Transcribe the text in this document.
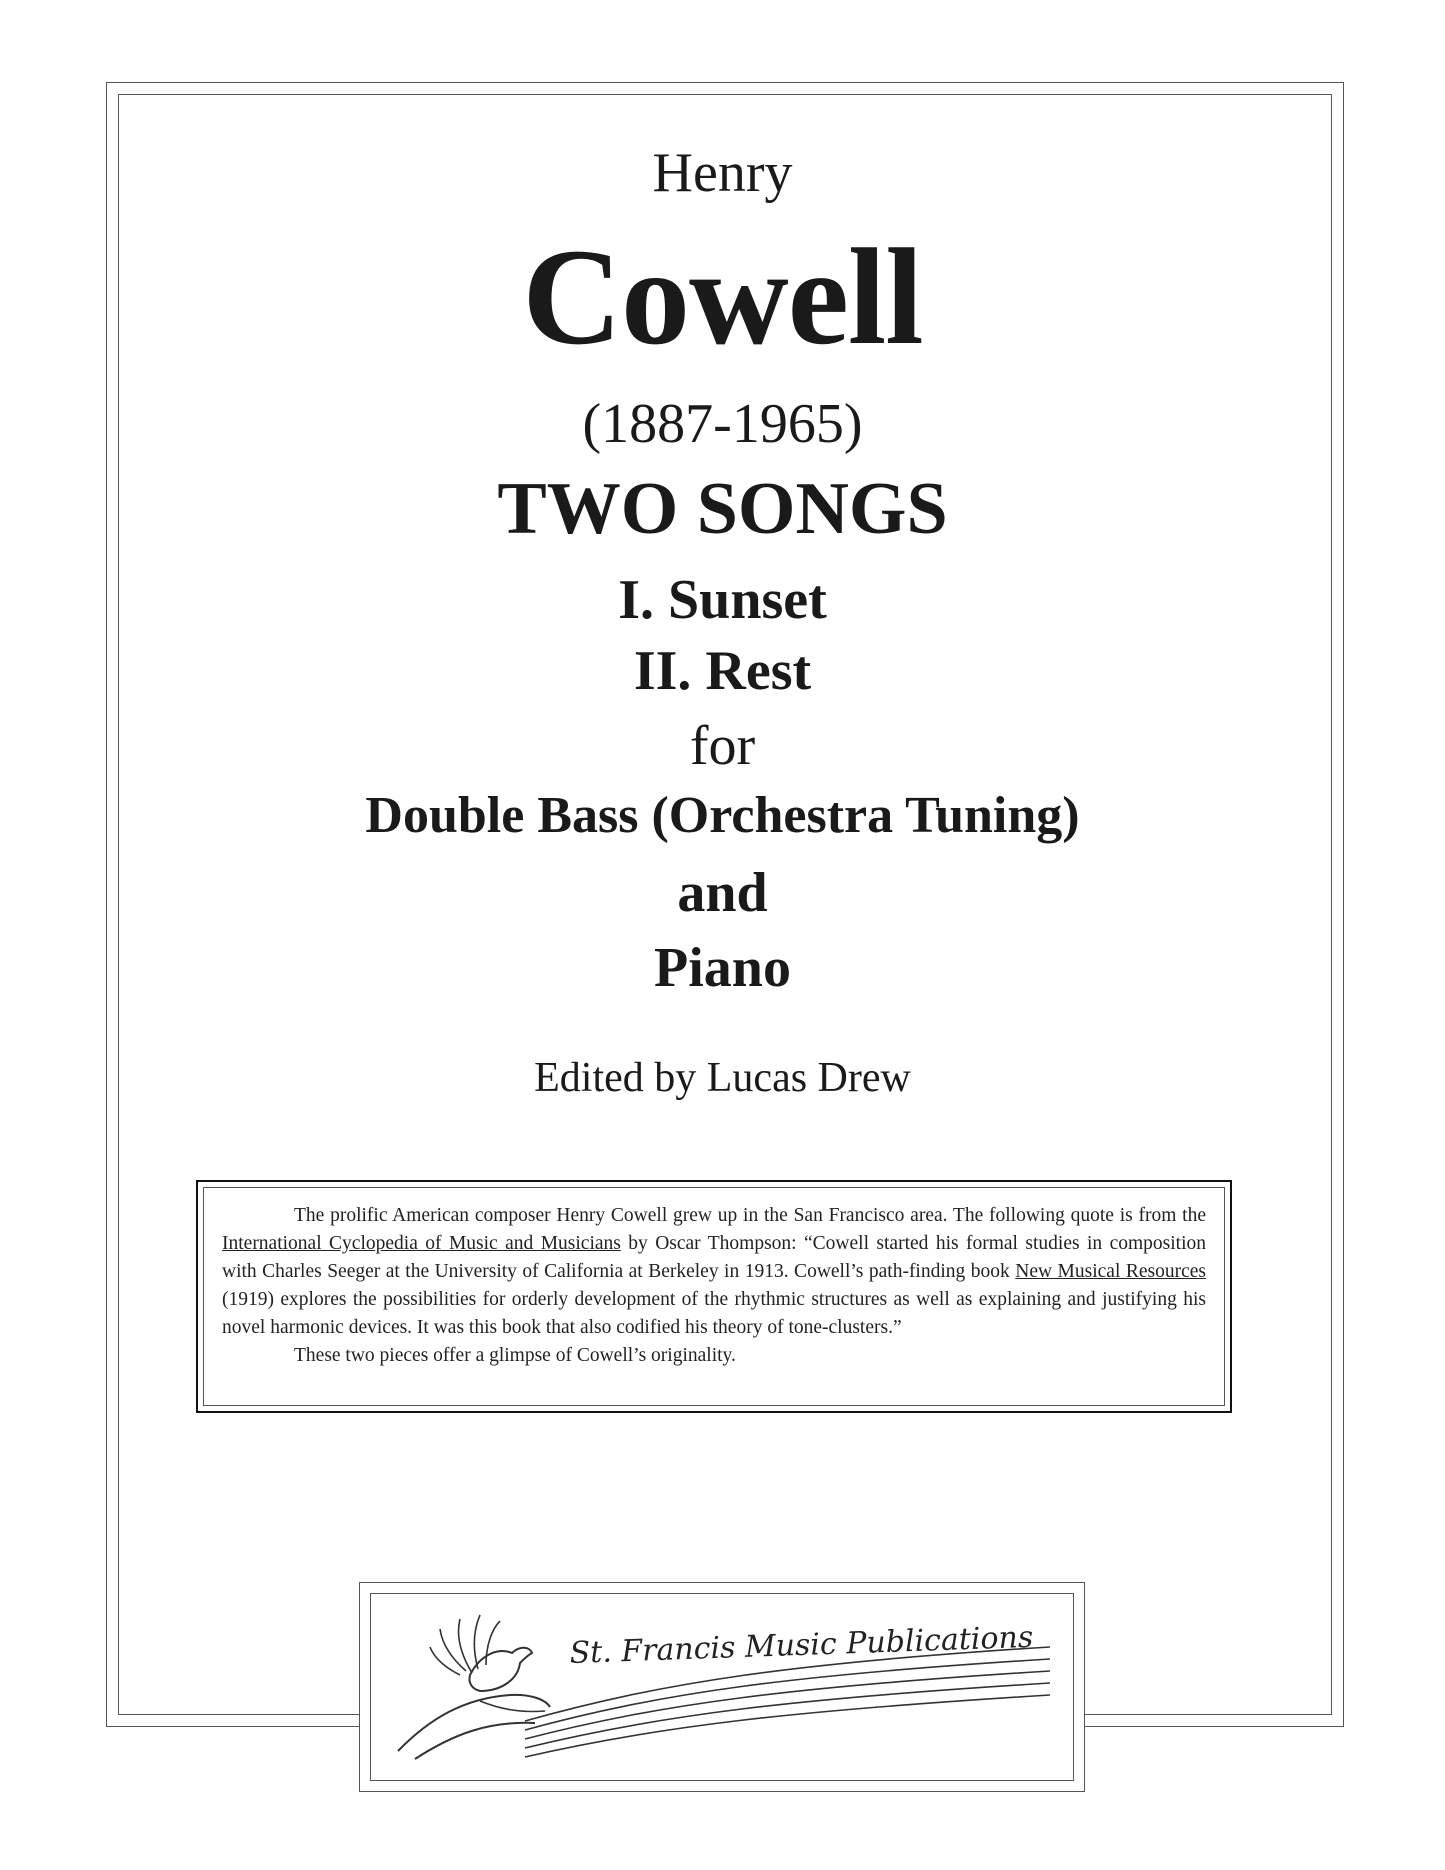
Henry
Cowell
(1887-1965)
TWO SONGS
I. Sunset
II. Rest
for
Double Bass (Orchestra Tuning)
and
Piano
Edited by Lucas Drew

The prolific American composer Henry Cowell grew up in the San Francisco area. The following quote is from the International Cyclopedia of Music and Musicians by Oscar Thompson: “Cowell started his formal studies in composition with Charles Seeger at the University of California at Berkeley in 1913. Cowell’s path-finding book New Musical Resources (1919) explores the possibilities for orderly development of the rhythmic structures as well as explaining and justifying his novel harmonic devices. It was this book that also codified his theory of tone-clusters.”

These two pieces offer a glimpse of Cowell’s originality.

St. Francis Music Publications
